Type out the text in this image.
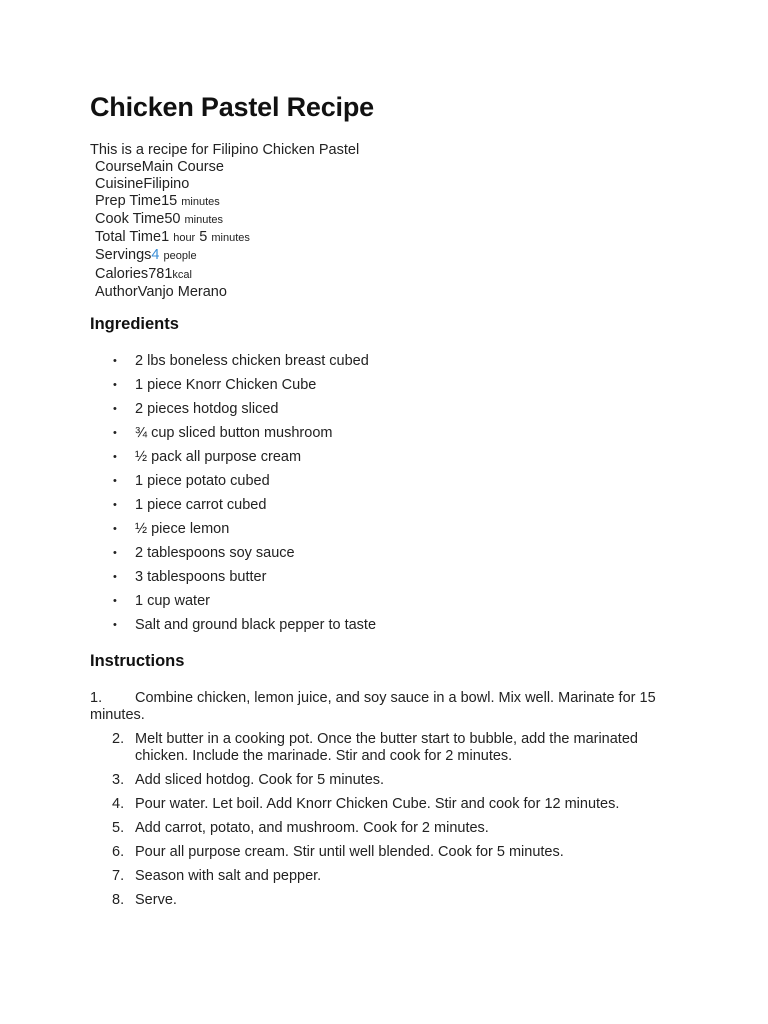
Chicken Pastel Recipe
This is a recipe for Filipino Chicken Pastel
CourseMain Course
CuisineFilipino
Prep Time15 minutes
Cook Time50 minutes
Total Time1 hour 5 minutes
Servings4 people
Calories781kcal
AuthorVanjo Merano
Ingredients
• 2 lbs boneless chicken breast cubed
• 1 piece Knorr Chicken Cube
• 2 pieces hotdog sliced
• ¾ cup sliced button mushroom
• ½ pack all purpose cream
• 1 piece potato cubed
• 1 piece carrot cubed
• ½ piece lemon
• 2 tablespoons soy sauce
• 3 tablespoons butter
• 1 cup water
• Salt and ground black pepper to taste
Instructions
1. Combine chicken, lemon juice, and soy sauce in a bowl. Mix well. Marinate for 15 minutes.
2. Melt butter in a cooking pot. Once the butter start to bubble, add the marinated chicken. Include the marinade. Stir and cook for 2 minutes.
3. Add sliced hotdog. Cook for 5 minutes.
4. Pour water. Let boil. Add Knorr Chicken Cube. Stir and cook for 12 minutes.
5. Add carrot, potato, and mushroom. Cook for 2 minutes.
6. Pour all purpose cream. Stir until well blended. Cook for 5 minutes.
7. Season with salt and pepper.
8. Serve.
